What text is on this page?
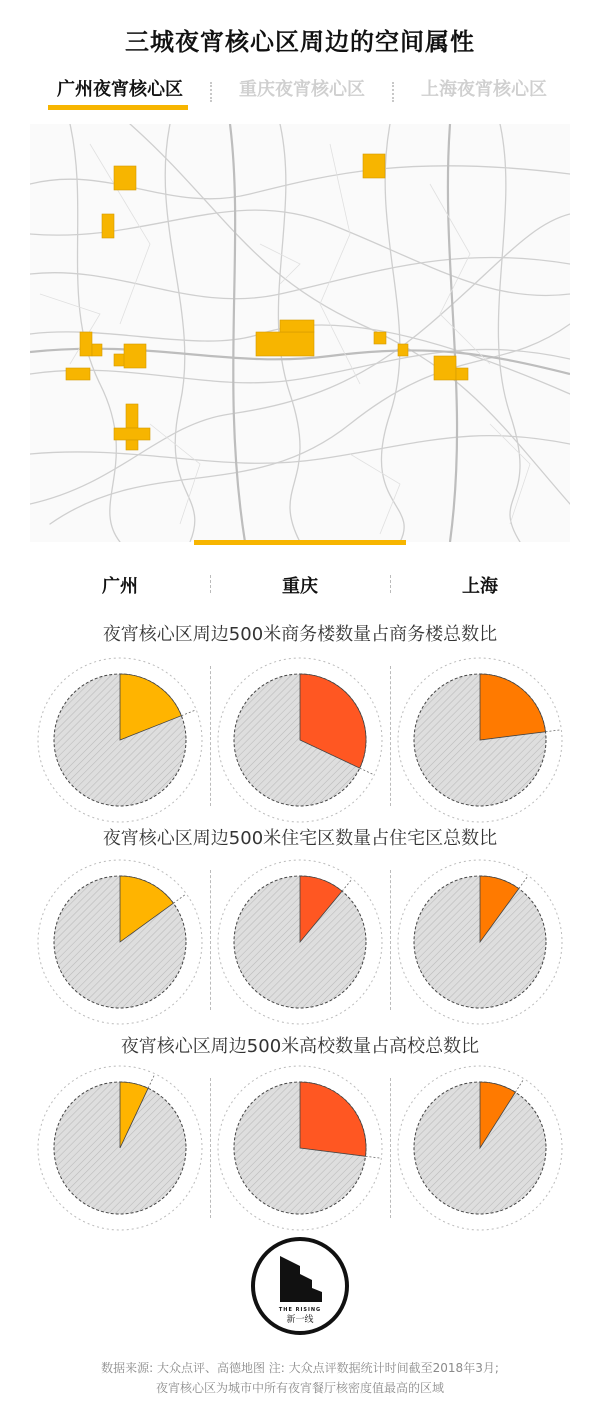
三城夜宵核心区周边的空间属性
广州夜宵核心区	重庆夜宵核心区	上海夜宵核心区
广州	重庆	上海
夜宵核心区周边500米商务楼数量占商务楼总数比
夜宵核心区周边500米住宅区数量占住宅区总数比
夜宵核心区周边500米高校数量占高校总数比
THE RISING
新一线
数据来源: 大众点评、高德地图 注: 大众点评数据统计时间截至2018年3月;
夜宵核心区为城市中所有夜宵餐厅核密度值最高的区域
